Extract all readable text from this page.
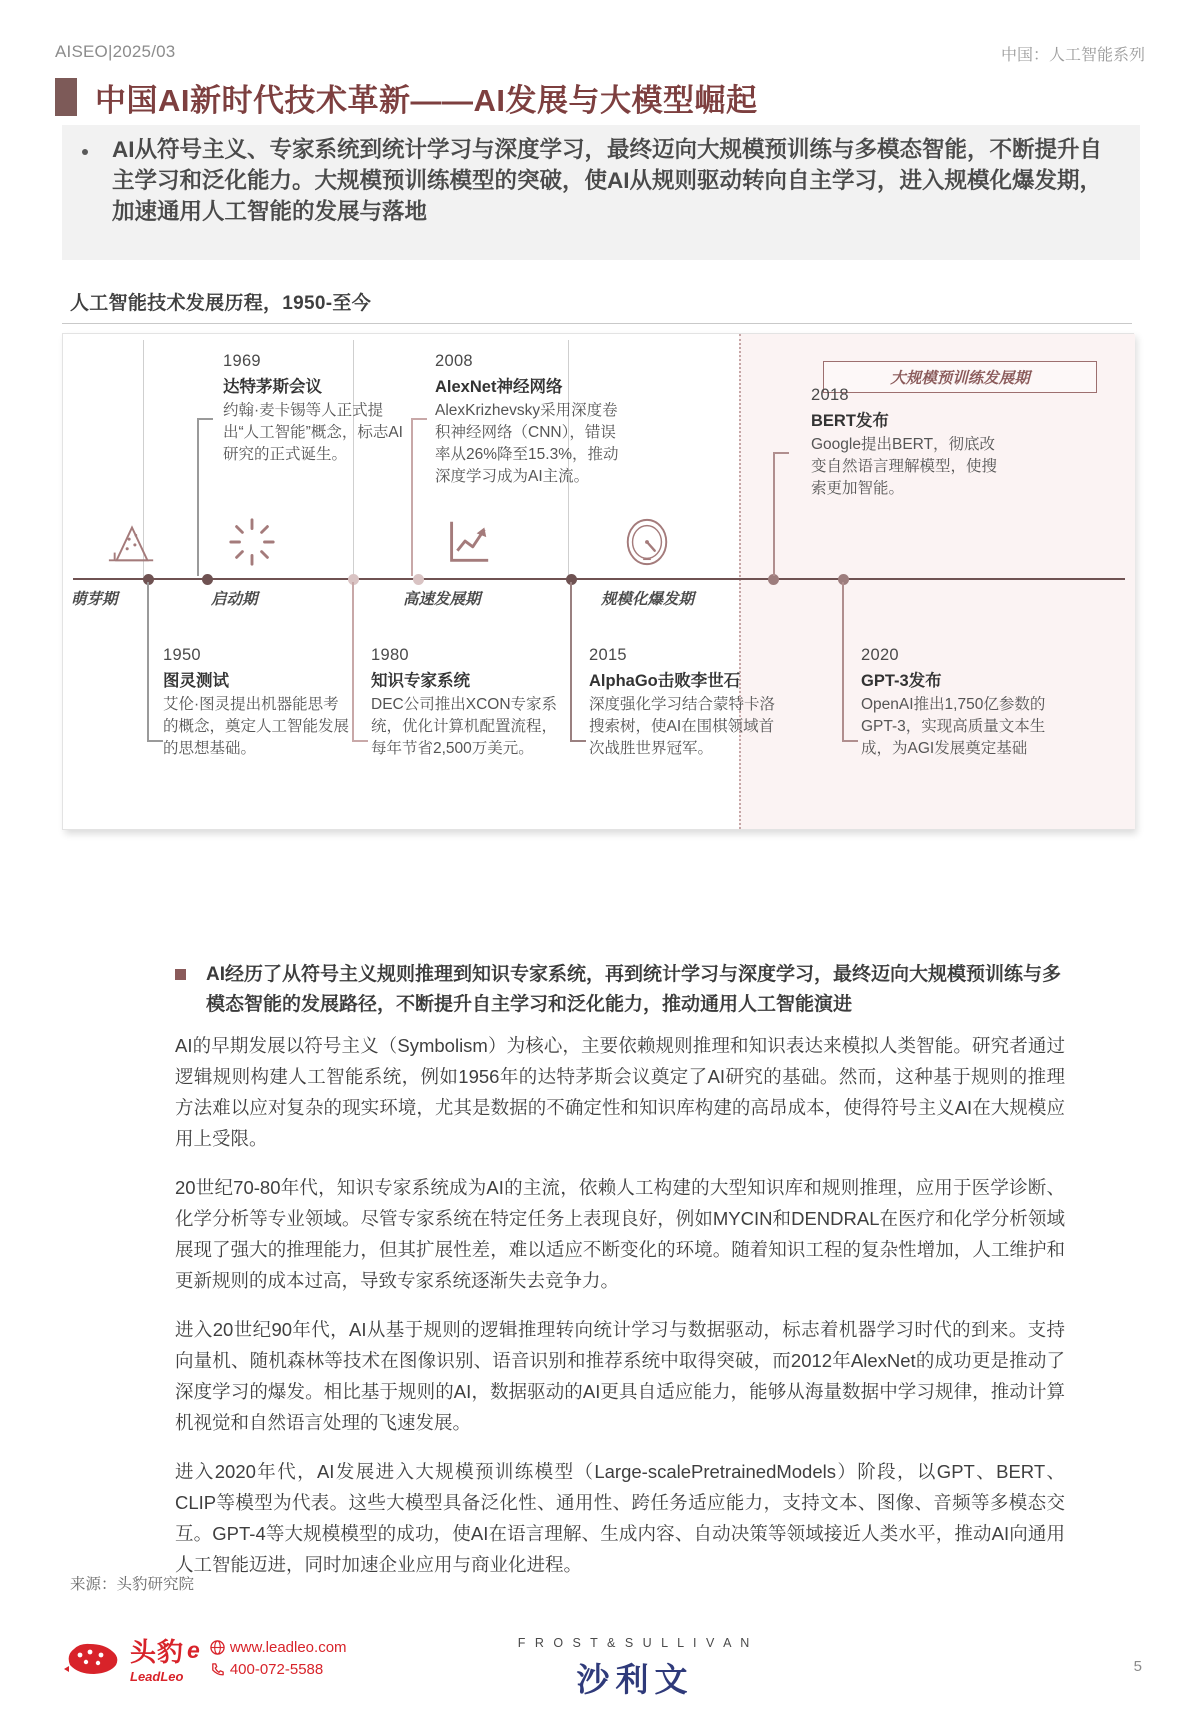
AISEO|2025/03	中国：人工智能系列
中国AI新时代技术革新——AI发展与大模型崛起
AI从符号主义、专家系统到统计学习与深度学习，最终迈向大规模预训练与多模态智能，不断提升自主学习和泛化能力。大规模预训练模型的突破，使AI从规则驱动转向自主学习，进入规模化爆发期，加速通用人工智能的发展与落地
人工智能技术发展历程，1950-至今
大规模预训练发展期
萌芽期	启动期	高速发展期	规模化爆发期
1969
达特茅斯会议
约翰·麦卡锡等人正式提出“人工智能”概念，标志AI研究的正式诞生。
2008
AlexNet神经网络
AlexKrizhevsky采用深度卷积神经网络（CNN），错误率从26%降至15.3%，推动深度学习成为AI主流。
2018
BERT发布
Google提出BERT，彻底改变自然语言理解模型，使搜索更加智能。
1950
图灵测试
艾伦·图灵提出机器能思考的概念，奠定人工智能发展的思想基础。
1980
知识专家系统
DEC公司推出XCON专家系统，优化计算机配置流程，每年节省2,500万美元。
2015
AlphaGo击败李世石
深度强化学习结合蒙特卡洛搜索树，使AI在围棋领域首次战胜世界冠军。
2020
GPT-3发布
OpenAI推出1,750亿参数的GPT-3，实现高质量文本生成，为AGI发展奠定基础
AI经历了从符号主义规则推理到知识专家系统，再到统计学习与深度学习，最终迈向大规模预训练与多模态智能的发展路径，不断提升自主学习和泛化能力，推动通用人工智能演进
AI的早期发展以符号主义（Symbolism）为核心，主要依赖规则推理和知识表达来模拟人类智能。研究者通过逻辑规则构建人工智能系统，例如1956年的达特茅斯会议奠定了AI研究的基础。然而，这种基于规则的推理方法难以应对复杂的现实环境，尤其是数据的不确定性和知识库构建的高昂成本，使得符号主义AI在大规模应用上受限。
20世纪70-80年代，知识专家系统成为AI的主流，依赖人工构建的大型知识库和规则推理，应用于医学诊断、化学分析等专业领域。尽管专家系统在特定任务上表现良好，例如MYCIN和DENDRAL在医疗和化学分析领域展现了强大的推理能力，但其扩展性差，难以适应不断变化的环境。随着知识工程的复杂性增加，人工维护和更新规则的成本过高，导致专家系统逐渐失去竞争力。
进入20世纪90年代，AI从基于规则的逻辑推理转向统计学习与数据驱动，标志着机器学习时代的到来。支持向量机、随机森林等技术在图像识别、语音识别和推荐系统中取得突破，而2012年AlexNet的成功更是推动了深度学习的爆发。相比基于规则的AI，数据驱动的AI更具自适应能力，能够从海量数据中学习规律，推动计算机视觉和自然语言处理的飞速发展。
进入2020年代，AI发展进入大规模预训练模型（Large-scalePretrainedModels）阶段，以GPT、BERT、CLIP等模型为代表。这些大模型具备泛化性、通用性、跨任务适应能力，支持文本、图像、音频等多模态交互。GPT-4等大规模模型的成功，使AI在语言理解、生成内容、自动决策等领域接近人类水平，推动AI向通用人工智能迈进，同时加速企业应用与商业化进程。
来源：头豹研究院
头豹 e
LeadLeo
www.leadleo.com
400-072-5588
F R O S T & S U L L I V A N
沙利文	5
